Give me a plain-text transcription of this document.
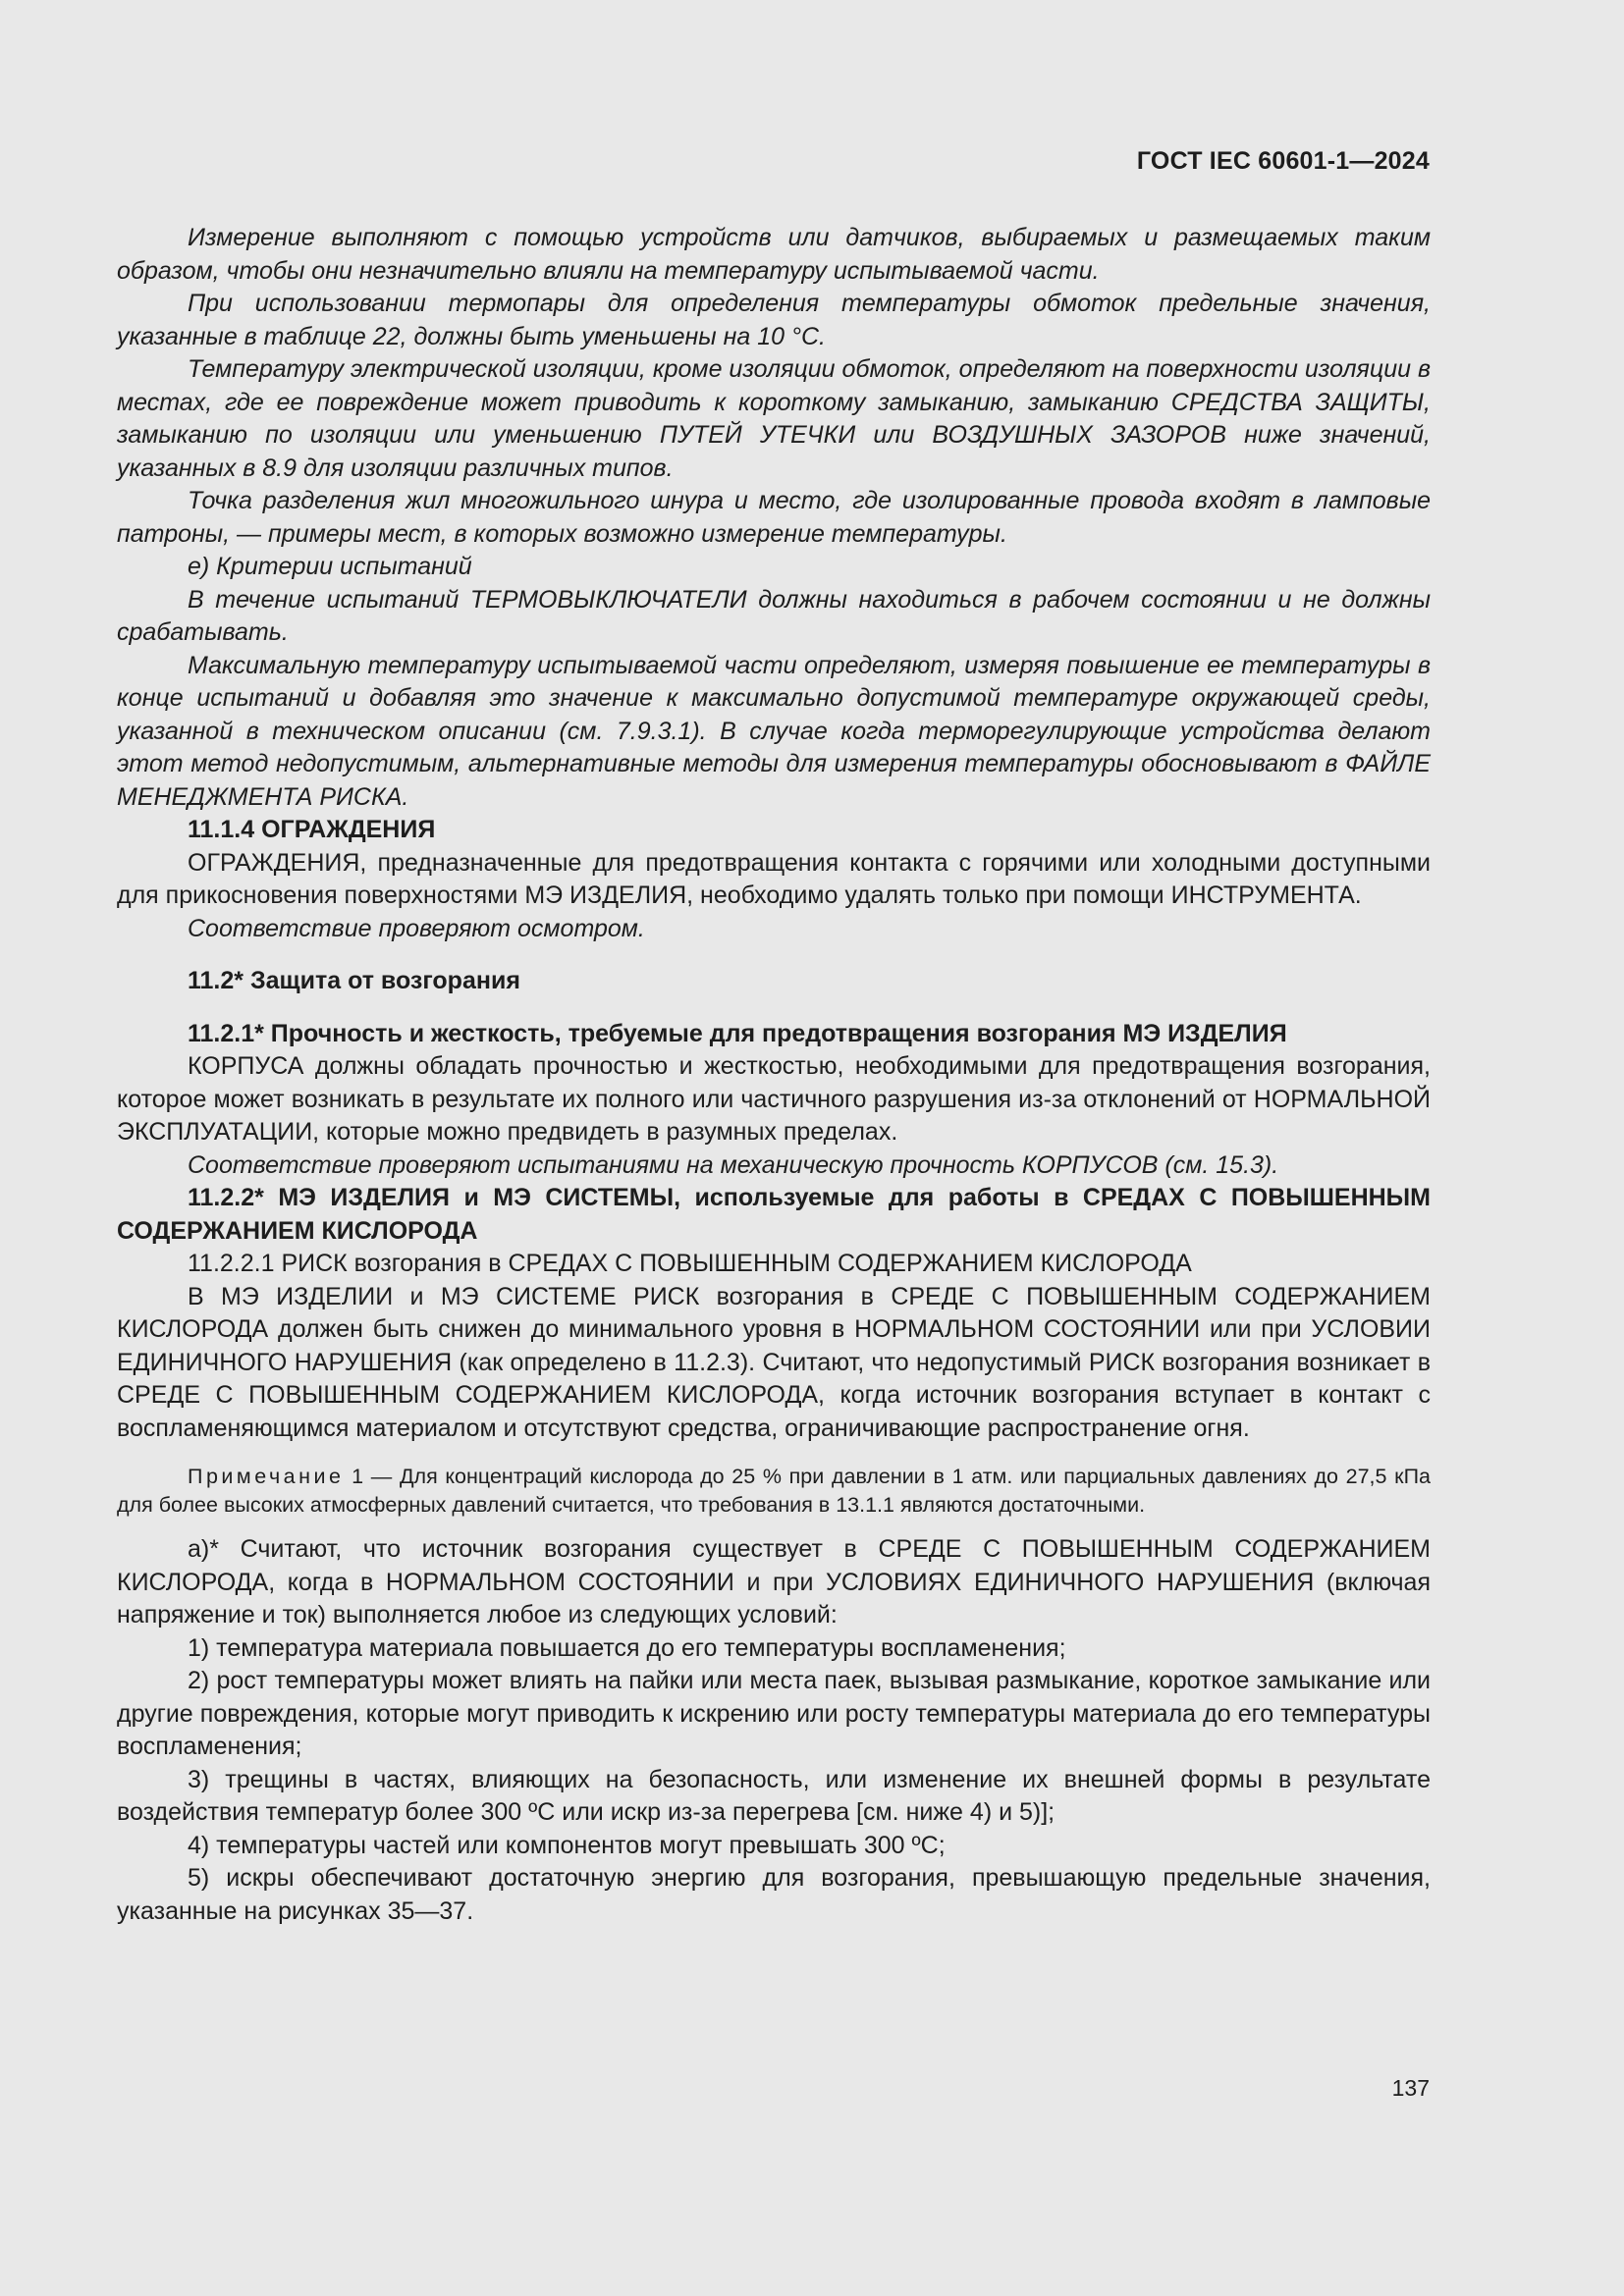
ГОСТ IEC 60601-1—2024

Измерение выполняют с помощью устройств или датчиков, выбираемых и размещаемых таким образом, чтобы они незначительно влияли на температуру испытываемой части.

При использовании термопары для определения температуры обмоток предельные значения, указанные в таблице 22, должны быть уменьшены на 10 °С.

Температуру электрической изоляции, кроме изоляции обмоток, определяют на поверхности изоляции в местах, где ее повреждение может приводить к короткому замыканию, замыканию СРЕДСТВА ЗАЩИТЫ, замыканию по изоляции или уменьшению ПУТЕЙ УТЕЧКИ или ВОЗДУШНЫХ ЗАЗОРОВ ниже значений, указанных в 8.9 для изоляции различных типов.

Точка разделения жил многожильного шнура и место, где изолированные провода входят в ламповые патроны, — примеры мест, в которых возможно измерение температуры.

e) Критерии испытаний

В течение испытаний ТЕРМОВЫКЛЮЧАТЕЛИ должны находиться в рабочем состоянии и не должны срабатывать.

Максимальную температуру испытываемой части определяют, измеряя повышение ее температуры в конце испытаний и добавляя это значение к максимально допустимой температуре окружающей среды, указанной в техническом описании (см. 7.9.3.1). В случае когда терморегулирующие устройства делают этот метод недопустимым, альтернативные методы для измерения температуры обосновывают в ФАЙЛЕ МЕНЕДЖМЕНТА РИСКА.

11.1.4 ОГРАЖДЕНИЯ

ОГРАЖДЕНИЯ, предназначенные для предотвращения контакта с горячими или холодными доступными для прикосновения поверхностями МЭ ИЗДЕЛИЯ, необходимо удалять только при помощи ИНСТРУМЕНТА.

Соответствие проверяют осмотром.

11.2* Защита от возгорания

11.2.1* Прочность и жесткость, требуемые для предотвращения возгорания МЭ ИЗДЕЛИЯ

КОРПУСА должны обладать прочностью и жесткостью, необходимыми для предотвращения возгорания, которое может возникать в результате их полного или частичного разрушения из-за отклонений от НОРМАЛЬНОЙ ЭКСПЛУАТАЦИИ, которые можно предвидеть в разумных пределах.

Соответствие проверяют испытаниями на механическую прочность КОРПУСОВ (см. 15.3).

11.2.2* МЭ ИЗДЕЛИЯ и МЭ СИСТЕМЫ, используемые для работы в СРЕДАХ С ПОВЫШЕННЫМ СОДЕРЖАНИЕМ КИСЛОРОДА

11.2.2.1 РИСК возгорания в СРЕДАХ С ПОВЫШЕННЫМ СОДЕРЖАНИЕМ КИСЛОРОДА

В МЭ ИЗДЕЛИИ и МЭ СИСТЕМЕ РИСК возгорания в СРЕДЕ С ПОВЫШЕННЫМ СОДЕРЖАНИЕМ КИСЛОРОДА должен быть снижен до минимального уровня в НОРМАЛЬНОМ СОСТОЯНИИ или при УСЛОВИИ ЕДИНИЧНОГО НАРУШЕНИЯ (как определено в 11.2.3). Считают, что недопустимый РИСК возгорания возникает в СРЕДЕ С ПОВЫШЕННЫМ СОДЕРЖАНИЕМ КИСЛОРОДА, когда источник возгорания вступает в контакт с воспламеняющимся материалом и отсутствуют средства, ограничивающие распространение огня.

Примечание 1 — Для концентраций кислорода до 25 % при давлении в 1 атм. или парциальных давлениях до 27,5 кПа для более высоких атмосферных давлений считается, что требования в 13.1.1 являются достаточными.

а)* Считают, что источник возгорания существует в СРЕДЕ С ПОВЫШЕННЫМ СОДЕРЖАНИЕМ КИСЛОРОДА, когда в НОРМАЛЬНОМ СОСТОЯНИИ и при УСЛОВИЯХ ЕДИНИЧНОГО НАРУШЕНИЯ (включая напряжение и ток) выполняется любое из следующих условий:

1) температура материала повышается до его температуры воспламенения;

2) рост температуры может влиять на пайки или места паек, вызывая размыкание, короткое замыкание или другие повреждения, которые могут приводить к искрению или росту температуры материала до его температуры воспламенения;

3) трещины в частях, влияющих на безопасность, или изменение их внешней формы в результате воздействия температур более 300 ºС или искр из-за перегрева [см. ниже 4) и 5)];

4) температуры частей или компонентов могут превышать 300 ºС;

5) искры обеспечивают достаточную энергию для возгорания, превышающую предельные значения, указанные на рисунках 35—37.

137
